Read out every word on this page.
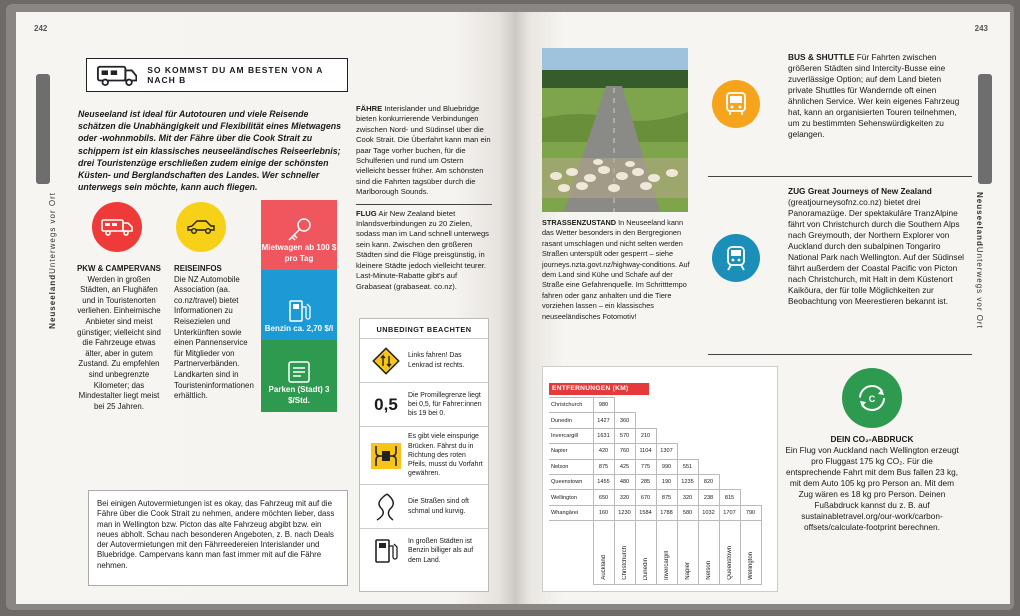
242
NeuseelandUnterwegs vor Ort
SO KOMMST DU AM BESTEN VON A NACH B
Neuseeland ist ideal für Autotouren und viele Reisende schätzen die Unabhängigkeit und Flexibilität eines Mietwagens oder -wohnmobils. Mit der Fähre über die Cook Strait zu schippern ist ein klassisches neuseeländisches Reiseerlebnis; drei Touristenzüge erschließen zudem einige der schönsten Küsten- und Berglandschaften des Landes. Wer schneller unterwegs sein möchte, kann auch fliegen.
PKW & CAMPERVANS
Werden in großen Städten, an Flughäfen und in Touristenorten verliehen. Einheimische Anbieter sind meist günstiger; vielleicht sind die Fahrzeuge etwas älter, aber in gutem Zustand. Zu empfehlen sind unbegrenzte Kilometer; das Mindestalter liegt meist bei 25 Jahren.
REISEINFOS
Die NZ Automobile Association (aa. co.nz/travel) bietet Informationen zu Reisezielen und Unterkünften sowie einen Pannenservice für Mitglieder von Partnerverbänden. Landkarten sind in Touristeninformationen erhältlich.
Mietwagen ab 100 $ pro Tag
Benzin ca. 2,70 $/l
Parken (Stadt) 3 $/Std.
FÄHRE Interislander und Bluebridge bieten konkurrierende Verbindungen zwischen Nord- und Südinsel über die Cook Strait. Die Überfahrt kann man ein paar Tage vorher buchen, für die Schulferien und rund um Ostern vielleicht besser früher. Am schönsten sind die Fahrten tagsüber durch die Marlborough Sounds.
FLUG Air New Zealand bietet Inlandsverbindungen zu 20 Zielen, sodass man im Land schnell unterwegs sein kann. Zwischen den größeren Städten sind die Flüge preisgünstig, in kleinere Städte jedoch vielleicht teurer. Last-Minute-Rabatte gibt's auf Grabaseat (grabaseat. co.nz).
UNBEDINGT BEACHTEN
Links fahren! Das Lenkrad ist rechts.
0,5	Die Promillegrenze liegt bei 0,5, für Fahrer:innen bis 19 bei 0.
Es gibt viele einspurige Brücken. Fährst du in Richtung des roten Pfeils, musst du Vorfahrt gewähren.
Die Straßen sind oft schmal und kurvig.
In großen Städten ist Benzin billiger als auf dem Land.
Bei einigen Autovermietungen ist es okay, das Fahrzeug mit auf die Fähre über die Cook Strait zu nehmen, andere möchten lieber, dass man in Wellington bzw. Picton das alte Fahrzeug abgibt bzw. ein neues abholt. Schau nach besonderen Angeboten, z. B. nach Deals der Autovermietungen mit den Fährreedereien Interislander und Bluebridge. Campervans kann man fast immer mit auf die Fähre nehmen.
243
NeuseelandUnterwegs vor Ort
STRASSENZUSTAND In Neuseeland kann das Wetter besonders in den Bergregionen rasant umschlagen und nicht selten werden Straßen unterspült oder gesperrt – siehe journeys.nzta.govt.nz/highway-conditions. Auf dem Land sind Kühe und Schafe auf der Straße eine Gefahrenquelle. Im Schritttempo fahren oder ganz anhalten und die Tiere vorziehen lassen – ein klassisches neuseeländisches Fotomotiv!
BUS & SHUTTLE Für Fahrten zwischen größeren Städten sind Intercity-Busse eine zuverlässige Option; auf dem Land bieten private Shuttles für Wandernde oft einen ähnlichen Service. Wer kein eigenes Fahrzeug hat, kann an organisierten Touren teilnehmen, um zu bestimmten Sehenswürdigkeiten zu gelangen.
ZUG Great Journeys of New Zealand (greatjourneysofnz.co.nz) bietet drei Panoramazüge. Der spektakuläre TranzAlpine fährt von Christchurch durch die Southern Alps nach Greymouth, der Northern Explorer von Auckland durch den subalpinen Tongariro National Park nach Wellington. Auf der Südinsel fährt außerdem der Coastal Pacific von Picton nach Christchurch, mit Halt in dem Küstenort Kaikōura, der für tolle Möglichkeiten zur Beobachtung von Meerestieren bekannt ist.
C
DEIN CO₂-ABDRUCK
Ein Flug von Auckland nach Wellington erzeugt pro Fluggast 175 kg CO₂. Für die entsprechende Fahrt mit dem Bus fallen 23 kg, mit dem Auto 105 kg pro Person an. Mit dem Zug wären es 18 kg pro Person. Deinen Fußabdruck kannst du z. B. auf sustainabletravel.org/our-work/carbon-offsets/calculate-footprint berechnen.
ENTFERNUNGEN (KM)
Christchurch	980							
Dunedin	1427	360						
Invercargill	1631	570	210					
Napier	420	760	1104	1307				
Nelson	875	425	775	990	551			
Queenstown	1455	480	285	190	1235	820		
Wellington	650	320	670	875	320	238	815	
Whangārei	160	1230	1584	1788	580	1032	1707	790
	Auckland	Christchurch	Dunedin	Invercargill	Napier	Nelson	Queenstown	Wellington
